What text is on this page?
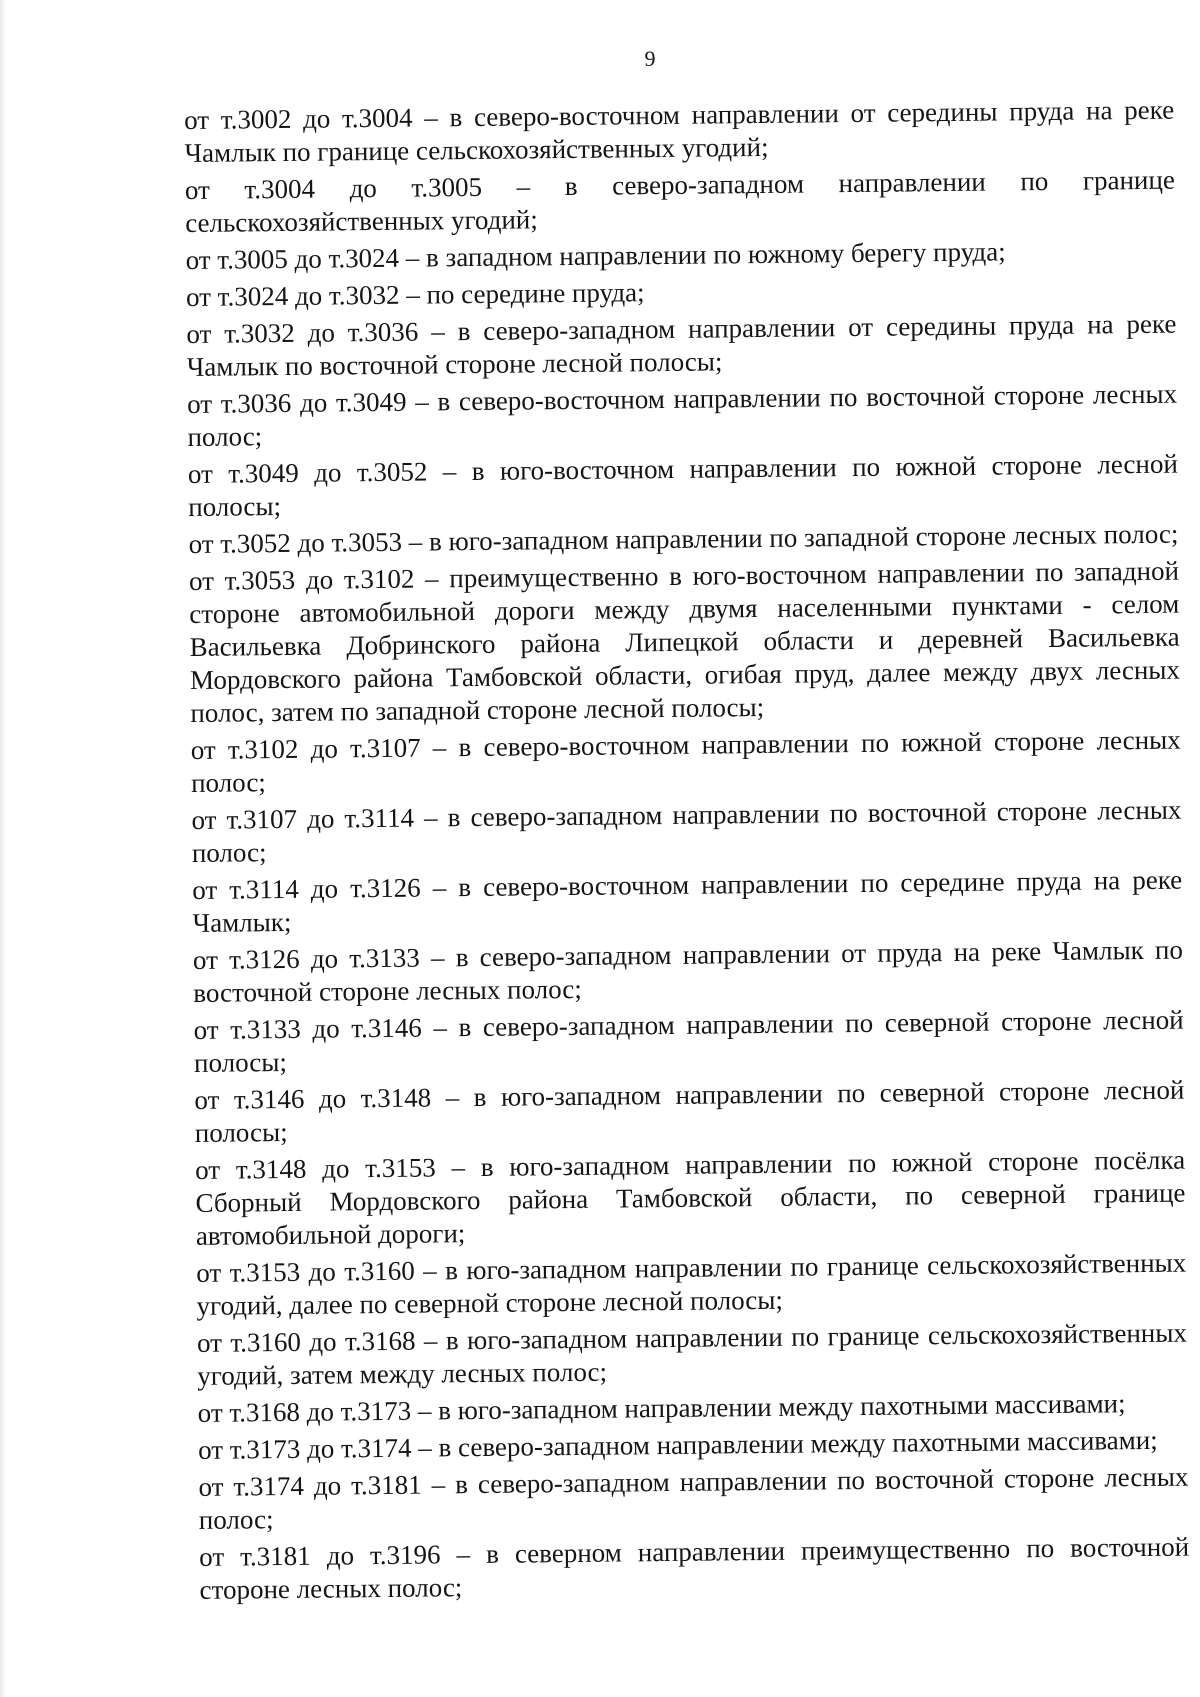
9

от т.3002 до т.3004 – в северо-восточном направлении от середины пруда на реке Чамлык по границе сельскохозяйственных угодий;

от т.3004 до т.3005 – в северо-западном направлении по границе сельскохозяйственных угодий;

от т.3005 до т.3024 – в западном направлении по южному берегу пруда;

от т.3024 до т.3032 – по середине пруда;

от т.3032 до т.3036 – в северо-западном направлении от середины пруда на реке Чамлык по восточной стороне лесной полосы;

от т.3036 до т.3049 – в северо-восточном направлении по восточной стороне лесных полос;

от т.3049 до т.3052 – в юго-восточном направлении по южной стороне лесной полосы;

от т.3052 до т.3053 – в юго-западном направлении по западной стороне лесных полос;

от т.3053 до т.3102 – преимущественно в юго-восточном направлении по западной стороне автомобильной дороги между двумя населенными пунктами - селом Васильевка Добринского района Липецкой области и деревней Васильевка Мордовского района Тамбовской области, огибая пруд, далее между двух лесных полос, затем по западной стороне лесной полосы;

от т.3102 до т.3107 – в северо-восточном направлении по южной стороне лесных полос;

от т.3107 до т.3114 – в северо-западном направлении по восточной стороне лесных полос;

от т.3114 до т.3126 – в северо-восточном направлении по середине пруда на реке Чамлык;

от т.3126 до т.3133 – в северо-западном направлении от пруда на реке Чамлык по восточной стороне лесных полос;

от т.3133 до т.3146 – в северо-западном направлении по северной стороне лесной полосы;

от т.3146 до т.3148 – в юго-западном направлении по северной стороне лесной полосы;

от т.3148 до т.3153 – в юго-западном направлении по южной стороне посёлка Сборный Мордовского района Тамбовской области, по северной границе автомобильной дороги;

от т.3153 до т.3160 – в юго-западном направлении по границе сельскохозяйственных угодий, далее по северной стороне лесной полосы;

от т.3160 до т.3168 – в юго-западном направлении по границе сельскохозяйственных угодий, затем между лесных полос;

от т.3168 до т.3173 – в юго-западном направлении между пахотными массивами;

от т.3173 до т.3174 – в северо-западном направлении между пахотными массивами;

от т.3174 до т.3181 – в северо-западном направлении по восточной стороне лесных полос;

от т.3181 до т.3196 – в северном направлении преимущественно по восточной стороне лесных полос;
